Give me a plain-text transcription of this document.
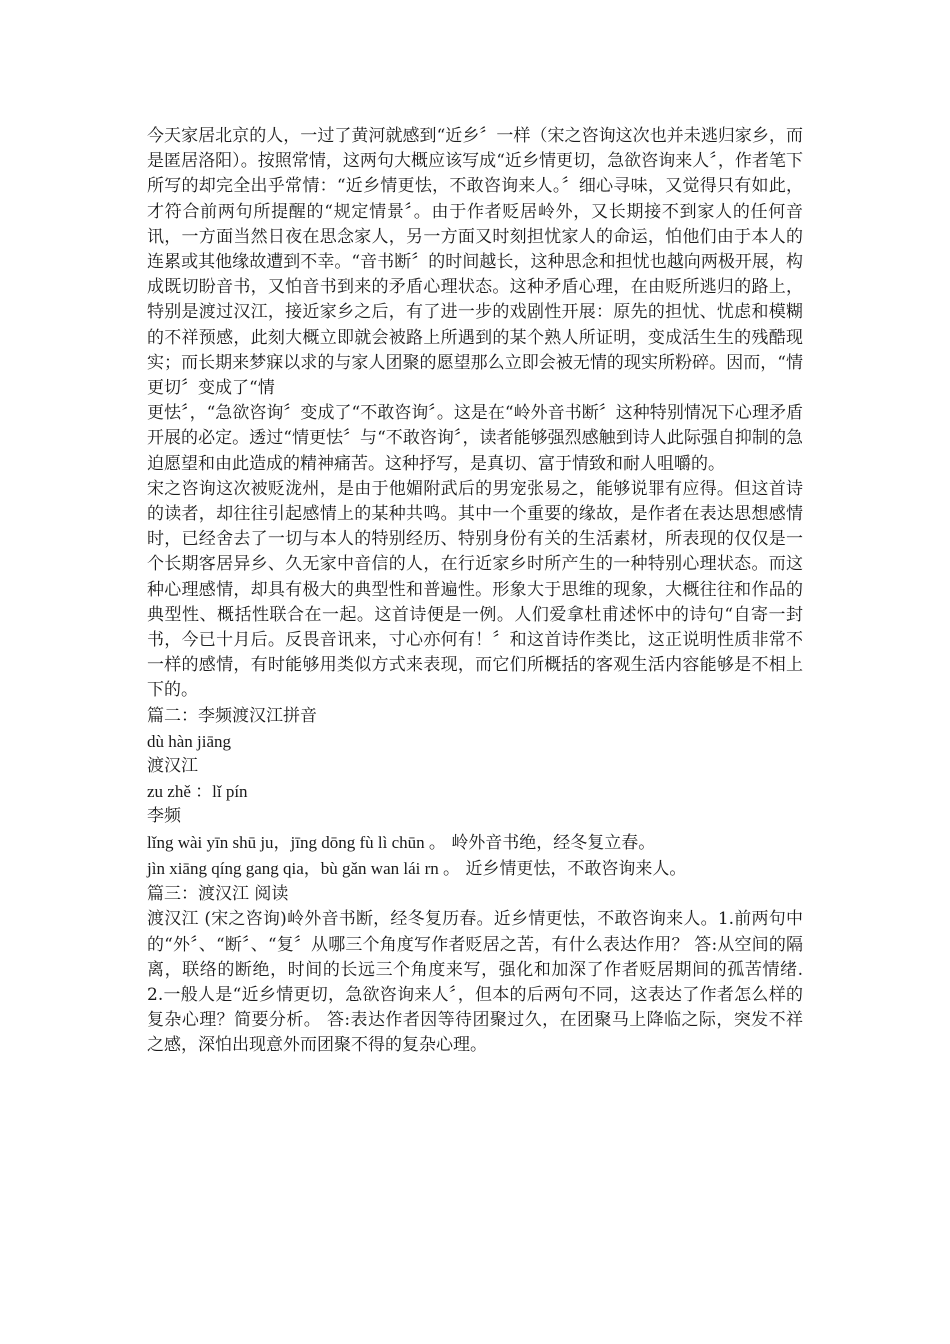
今天家居北京的人，一过了黄河就感到“近乡〞一样（宋之咨询这次也并未逃归家乡，而是匿居洛阳）。按照常情，这两句大概应该写成“近乡情更切，急欲咨询来人〞，作者笔下所写的却完全出乎常情：“近乡情更怯，不敢咨询来人。〞细心寻味，又觉得只有如此，才符合前两句所提醒的“规定情景〞。由于作者贬居岭外，又长期接不到家人的任何音讯，一方面当然日夜在思念家人，另一方面又时刻担忧家人的命运，怕他们由于本人的连累或其他缘故遭到不幸。“音书断〞的时间越长，这种思念和担忧也越向两极开展，构成既切盼音书，又怕音书到来的矛盾心理状态。这种矛盾心理，在由贬所逃归的路上，特别是渡过汉江，接近家乡之后，有了进一步的戏剧性开展：原先的担忧、忧虑和模糊的不祥预感，此刻大概立即就会被路上所遇到的某个熟人所证明，变成活生生的残酷现实；而长期来梦寐以求的与家人团聚的愿望那么立即会被无情的现实所粉碎。因而，“情更切〞变成了“情

更怯〞，“急欲咨询〞变成了“不敢咨询〞。这是在“岭外音书断〞这种特别情况下心理矛盾开展的必定。透过“情更怯〞与“不敢咨询〞，读者能够强烈感触到诗人此际强自抑制的急迫愿望和由此造成的精神痛苦。这种抒写，是真切、富于情致和耐人咀嚼的。

宋之咨询这次被贬泷州，是由于他媚附武后的男宠张易之，能够说罪有应得。但这首诗的读者，却往往引起感情上的某种共鸣。其中一个重要的缘故，是作者在表达思想感情时，已经舍去了一切与本人的特别经历、特别身份有关的生活素材，所表现的仅仅是一个长期客居异乡、久无家中音信的人，在行近家乡时所产生的一种特别心理状态。而这种心理感情，却具有极大的典型性和普遍性。形象大于思维的现象，大概往往和作品的典型性、概括性联合在一起。这首诗便是一例。人们爱拿杜甫述怀中的诗句“自寄一封书，今已十月后。反畏音讯来，寸心亦何有！〞和这首诗作类比，这正说明性质非常不一样的感情，有时能够用类似方式来表现，而它们所概括的客观生活内容能够是不相上下的。

篇二：李频渡汉江拼音

dù hàn jiāng

渡汉江

zu zhě ：lǐ pín

李频

lǐng wài yīn shū ju，jīng dōng fù lì chūn 。 岭外音书绝，经冬复立春。

jìn xiāng qíng gang qia，bù gǎn wan lái rn 。 近乡情更怯，不敢咨询来人。

篇三：渡汉江 阅读

渡汉江 (宋之咨询)岭外音书断，经冬复历春。近乡情更怯，不敢咨询来人。1.前两句中的“外〞、“断〞、“复〞从哪三个角度写作者贬居之苦，有什么表达作用？ 答:从空间的隔离，联络的断绝，时间的长远三个角度来写，强化和加深了作者贬居期间的孤苦情绪. 2.一般人是“近乡情更切，急欲咨询来人〞，但本的后两句不同，这表达了作者怎么样的复杂心理？简要分析。 答:表达作者因等待团聚过久，在团聚马上降临之际，突发不祥之感，深怕出现意外而团聚不得的复杂心理。
